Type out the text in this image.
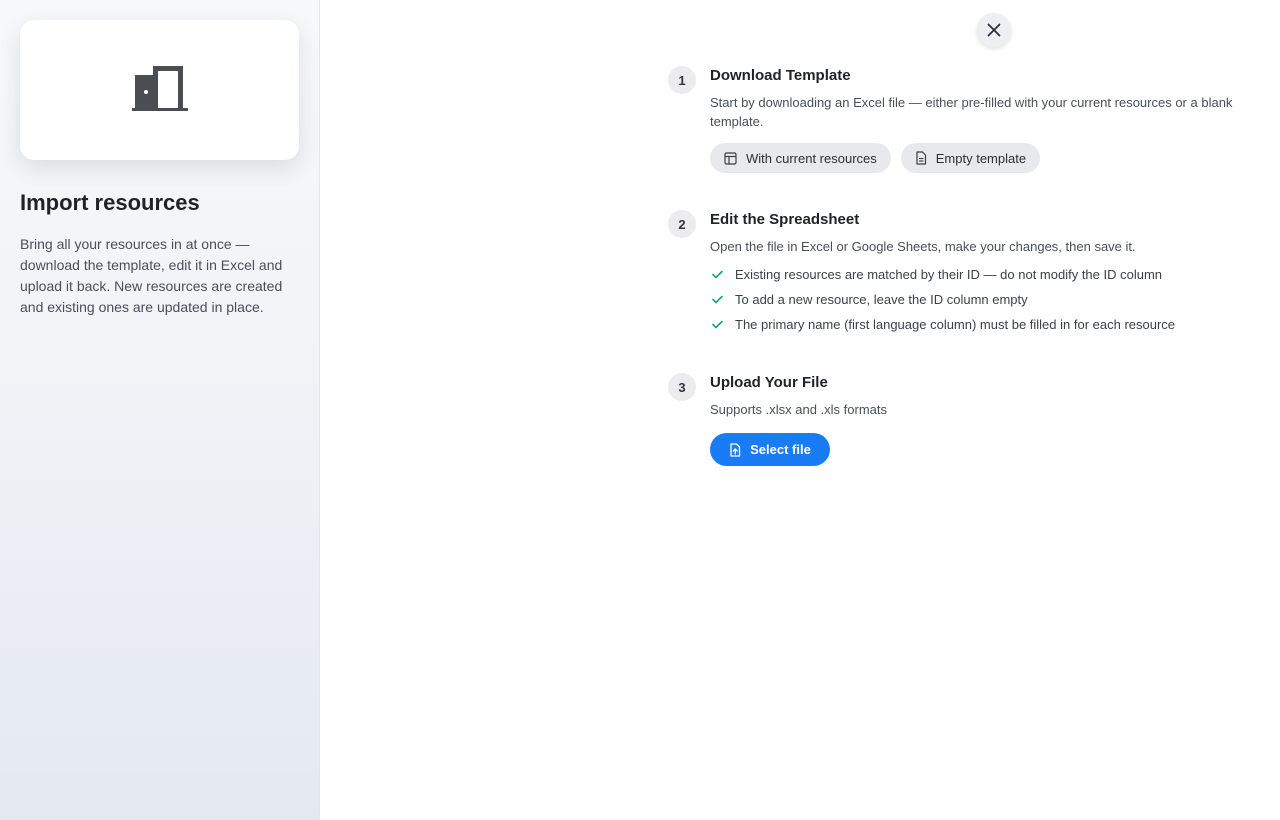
Import resources
Bring all your resources in at once — download the template, edit it in Excel and upload it back. New resources are created and existing ones are updated in place.
1	Download Template
Start by downloading an Excel file — either pre-filled with your current resources or a blank template.
With current resources	Empty template
2	Edit the Spreadsheet
Open the file in Excel or Google Sheets, make your changes, then save it.
Existing resources are matched by their ID — do not modify the ID column
To add a new resource, leave the ID column empty
The primary name (first language column) must be filled in for each resource
3	Upload Your File
Supports .xlsx and .xls formats
Select file
